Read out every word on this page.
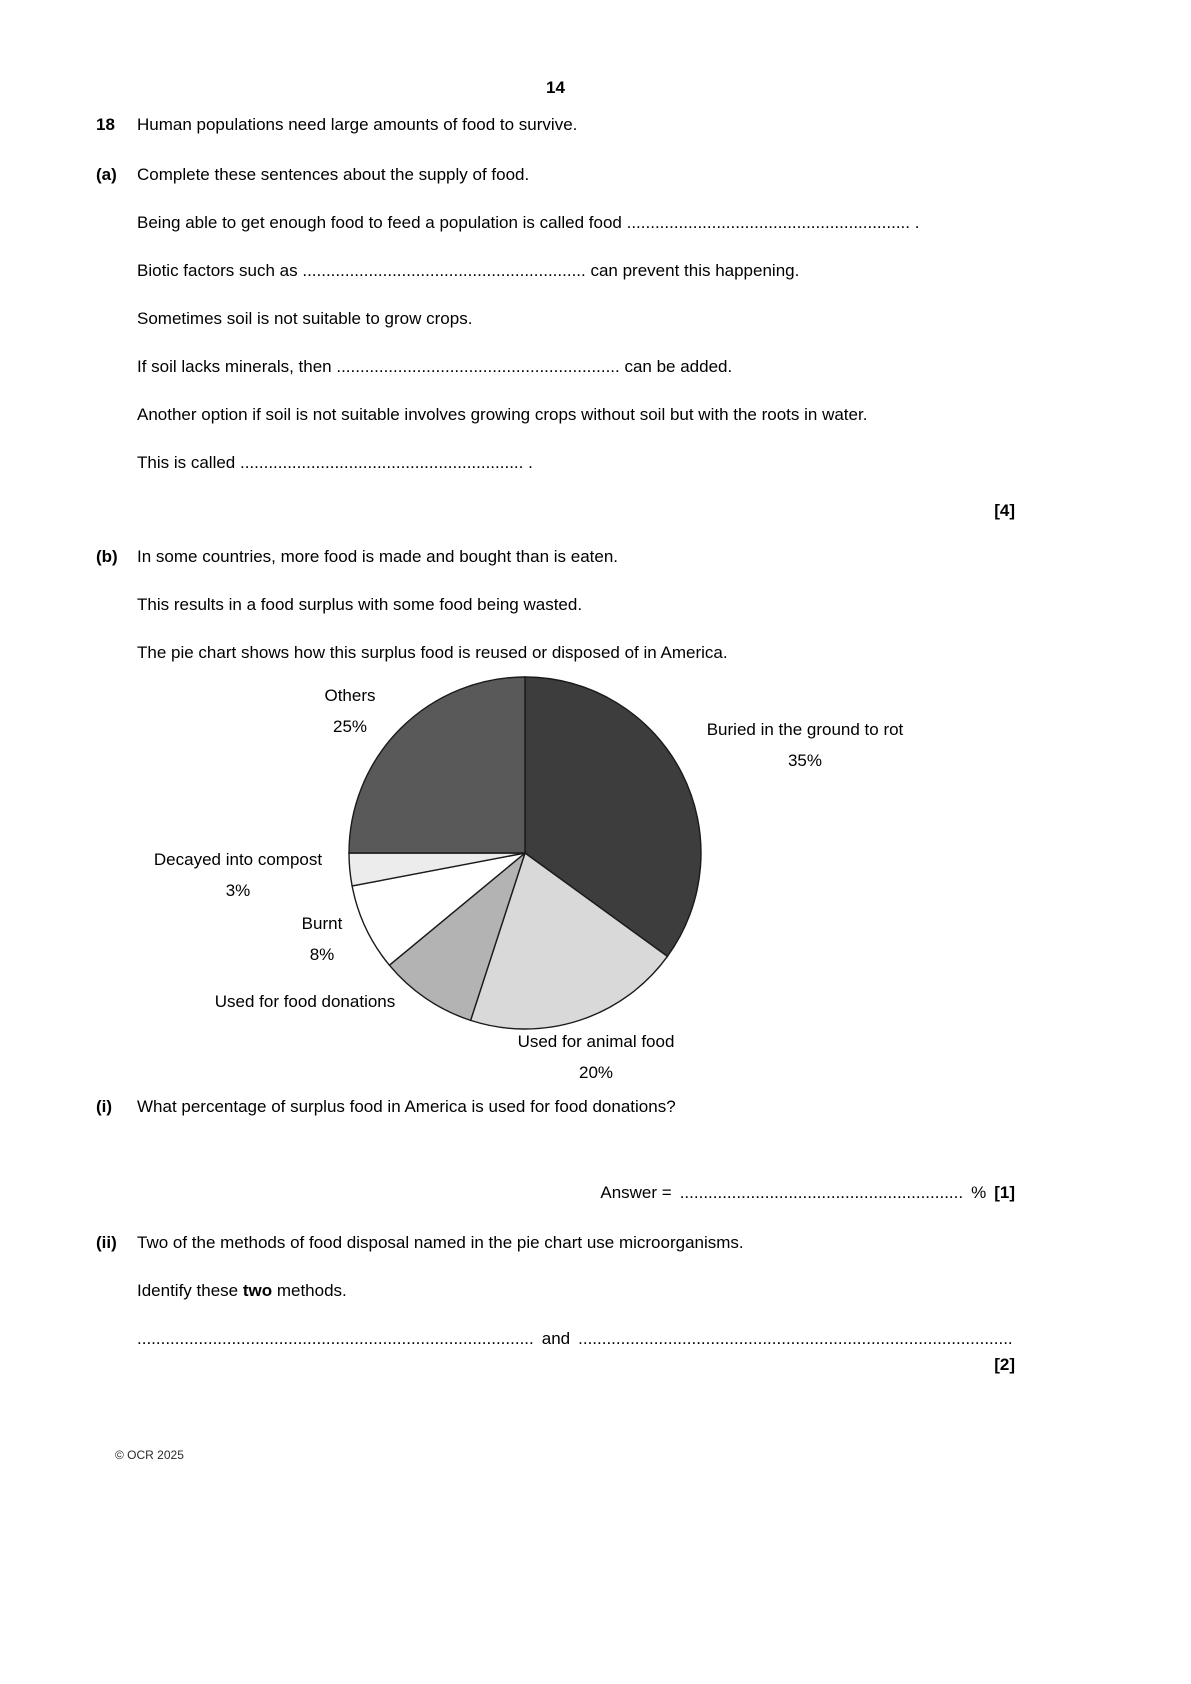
14
18	Human populations need large amounts of food to survive.

(a)	Complete these sentences about the supply of food.

Being able to get enough food to feed a population is called food ............................................................ .

Biotic factors such as ............................................................ can prevent this happening.

Sometimes soil is not suitable to grow crops.

If soil lacks minerals, then ............................................................ can be added.

Another option if soil is not suitable involves growing crops without soil but with the roots in water.

This is called ............................................................ .

[4]
(b)	In some countries, more food is made and bought than is eaten.

This results in a food surplus with some food being wasted.

The pie chart shows how this surplus food is reused or disposed of in America.

Others
25%	Buried in the ground to rot
35%
Decayed into compost
3%
Burnt
8%
Used for food donations
Used for animal food
20%
(i)	What percentage of surplus food in America is used for food donations?

Answer = ............................................................ % [1]
(ii)	Two of the methods of food disposal named in the pie chart use microorganisms.

Identify these two methods.

.................................................................................... and ............................................................................................
[2]
© OCR 2025
